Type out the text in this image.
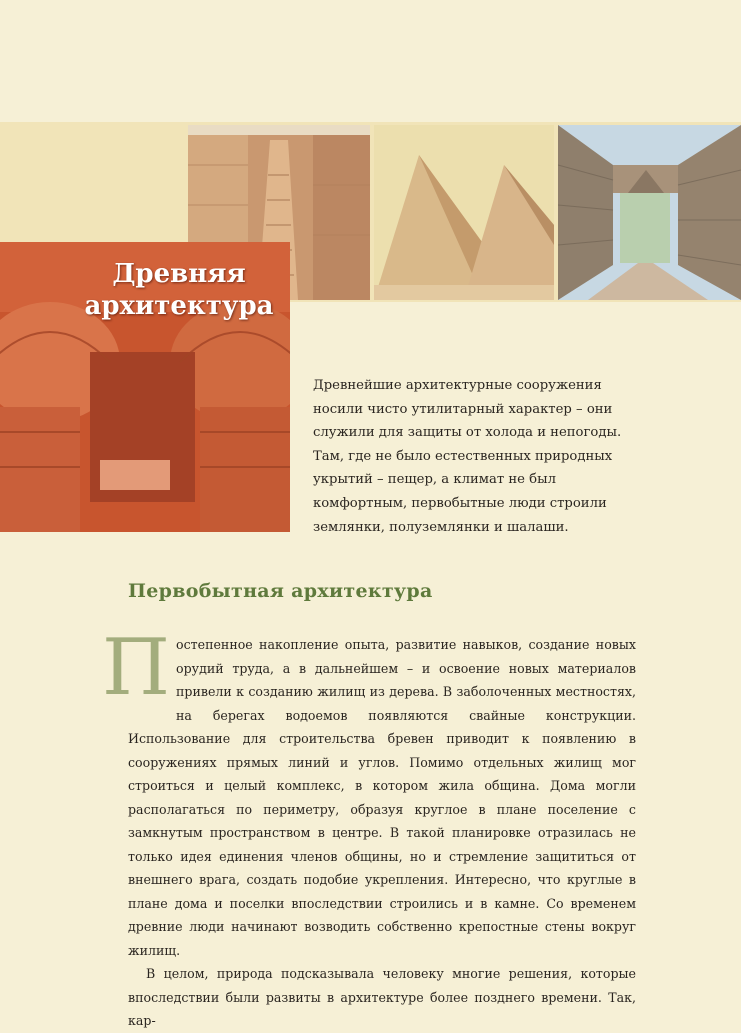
Древняя архитектура

Древнейшие архитектурные сооружения носили чисто утилитарный характер – они служили для защиты от холода и непогоды. Там, где не было естественных природных укрытий – пещер, а климат не был комфортным, первобытные люди строили землянки, полуземлянки и шалаши.

Первобытная архитектура
П остепенное накопление опыта, развитие навыков, создание новых орудий труда, а в дальнейшем – и освоение новых материалов привели к созданию жилищ из дерева. В заболоченных местностях, на берегах водоемов появляются свайные конструкции. Использование для строительства бревен приводит к появлению в сооружениях прямых линий и углов. Помимо отдельных жилищ мог строиться и целый комплекс, в котором жила община. Дома могли располагаться по периметру, образуя круглое в плане поселение с замкнутым пространством в центре. В такой планировке отразилась не только идея единения членов общины, но и стремление защититься от внешнего врага, создать подобие укрепления. Интересно, что круглые в плане дома и поселки впоследствии строились и в камне. Со временем древние люди начинают возводить собственно крепостные стены вокруг жилищ.

В целом, природа подсказывала человеку многие решения, которые впоследствии были развиты в архитектуре более позднего времени. Так, кар-
